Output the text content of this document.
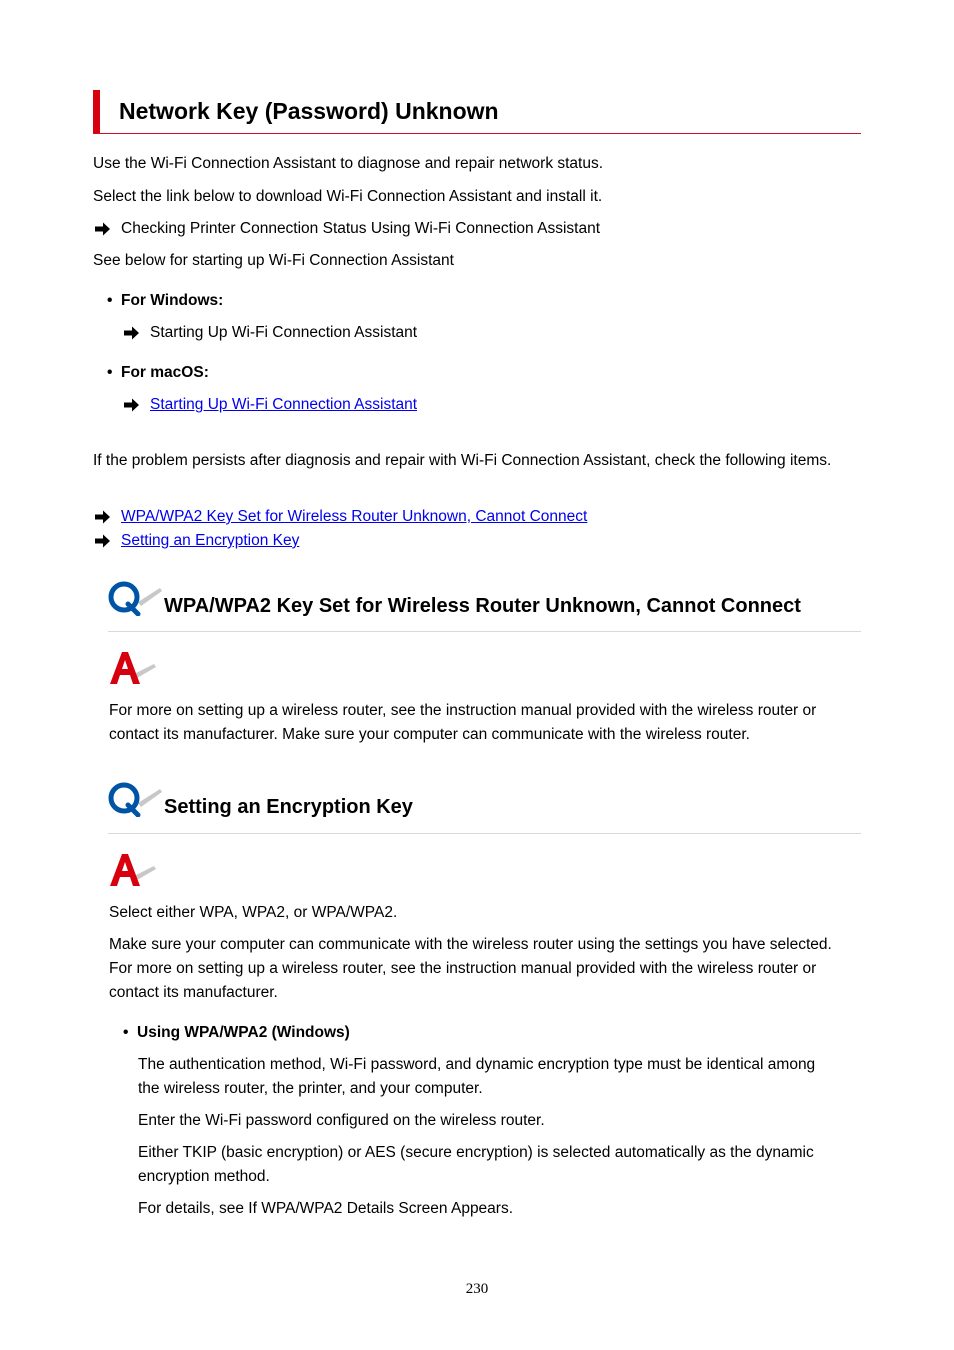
Network Key (Password) Unknown
Use the Wi-Fi Connection Assistant to diagnose and repair network status.
Select the link below to download Wi-Fi Connection Assistant and install it.
Checking Printer Connection Status Using Wi-Fi Connection Assistant
See below for starting up Wi-Fi Connection Assistant
• For Windows:
Starting Up Wi-Fi Connection Assistant
• For macOS:
Starting Up Wi-Fi Connection Assistant
If the problem persists after diagnosis and repair with Wi-Fi Connection Assistant, check the following items.
WPA/WPA2 Key Set for Wireless Router Unknown, Cannot Connect
Setting an Encryption Key
WPA/WPA2 Key Set for Wireless Router Unknown, Cannot Connect
For more on setting up a wireless router, see the instruction manual provided with the wireless router or
contact its manufacturer. Make sure your computer can communicate with the wireless router.
Setting an Encryption Key
Select either WPA, WPA2, or WPA/WPA2.
Make sure your computer can communicate with the wireless router using the settings you have selected.
For more on setting up a wireless router, see the instruction manual provided with the wireless router or
contact its manufacturer.
• Using WPA/WPA2 (Windows)
The authentication method, Wi-Fi password, and dynamic encryption type must be identical among
the wireless router, the printer, and your computer.
Enter the Wi-Fi password configured on the wireless router.
Either TKIP (basic encryption) or AES (secure encryption) is selected automatically as the dynamic
encryption method.
For details, see If WPA/WPA2 Details Screen Appears.
230
